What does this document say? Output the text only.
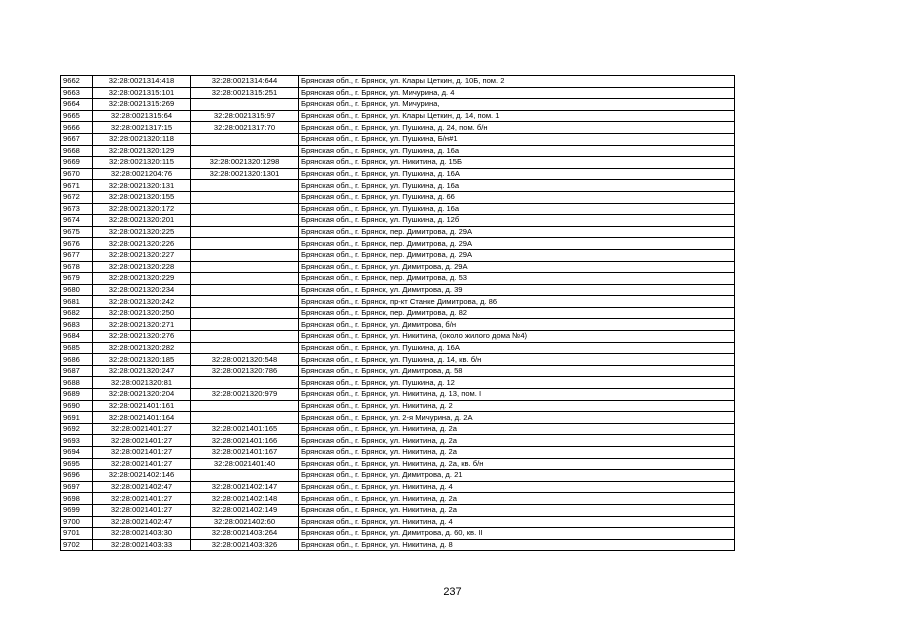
9662	32:28:0021314:418	32:28:0021314:644	Брянская обл., г. Брянск, ул. Клары Цеткин, д. 10Б, пом. 2
9663	32:28:0021315:101	32:28:0021315:251	Брянская обл., г. Брянск, ул. Мичурина, д. 4
9664	32:28:0021315:269		Брянская обл., г. Брянск, ул. Мичурина,
9665	32:28:0021315:64	32:28:0021315:97	Брянская обл., г. Брянск, ул. Клары Цеткин, д. 14, пом. 1
9666	32:28:0021317:15	32:28:0021317:70	Брянская обл., г. Брянск, ул. Пушкина, д. 24, пом. б/н
9667	32:28:0021320:118		Брянская обл., г. Брянск, ул. Пушкина, Б/н#1
9668	32:28:0021320:129		Брянская обл., г. Брянск, ул. Пушкина, д. 16а
9669	32:28:0021320:115	32:28:0021320:1298	Брянская обл., г. Брянск, ул. Никитина, д. 15Б
9670	32:28:0021204:76	32:28:0021320:1301	Брянская обл., г. Брянск, ул. Пушкина, д. 16А
9671	32:28:0021320:131		Брянская обл., г. Брянск, ул. Пушкина, д. 16а
9672	32:28:0021320:155		Брянская обл., г. Брянск, ул. Пушкина, д. 66
9673	32:28:0021320:172		Брянская обл., г. Брянск, ул. Пушкина, д. 16а
9674	32:28:0021320:201		Брянская обл., г. Брянск, ул. Пушкина, д. 12б
9675	32:28:0021320:225		Брянская обл., г. Брянск, пер. Димитрова, д. 29А
9676	32:28:0021320:226		Брянская обл., г. Брянск, пер. Димитрова, д. 29А
9677	32:28:0021320:227		Брянская обл., г. Брянск, пер. Димитрова, д. 29А
9678	32:28:0021320:228		Брянская обл., г. Брянск, ул. Димитрова, д. 29А
9679	32:28:0021320:229		Брянская обл., г. Брянск, пер. Димитрова, д. 53
9680	32:28:0021320:234		Брянская обл., г. Брянск, ул. Димитрова, д. 39
9681	32:28:0021320:242		Брянская обл., г. Брянск, пр-кт Станке Димитрова, д. 86
9682	32:28:0021320:250		Брянская обл., г. Брянск, пер. Димитрова, д. 82
9683	32:28:0021320:271		Брянская обл., г. Брянск, ул. Димитрова, б/н
9684	32:28:0021320:276		Брянская обл., г. Брянск, ул. Никитина, (около жилого дома №4)
9685	32:28:0021320:282		Брянская обл., г. Брянск, ул. Пушкина, д. 16А
9686	32:28:0021320:185	32:28:0021320:548	Брянская обл., г. Брянск, ул. Пушкина, д. 14, кв. б/н
9687	32:28:0021320:247	32:28:0021320:786	Брянская обл., г. Брянск, ул. Димитрова, д. 58
9688	32:28:0021320:81		Брянская обл., г. Брянск, ул. Пушкина, д. 12
9689	32:28:0021320:204	32:28:0021320:979	Брянская обл., г. Брянск, ул. Никитина, д. 13, пом. I
9690	32:28:0021401:161		Брянская обл., г. Брянск, ул. Никитина, д. 2
9691	32:28:0021401:164		Брянская обл., г. Брянск, ул. 2-я Мичурина, д. 2А
9692	32:28:0021401:27	32:28:0021401:165	Брянская обл., г. Брянск, ул. Никитина, д. 2а
9693	32:28:0021401:27	32:28:0021401:166	Брянская обл., г. Брянск, ул. Никитина, д. 2а
9694	32:28:0021401:27	32:28:0021401:167	Брянская обл., г. Брянск, ул. Никитина, д. 2а
9695	32:28:0021401:27	32:28:0021401:40	Брянская обл., г. Брянск, ул. Никитина, д. 2а, кв. б/н
9696	32:28:0021402:146		Брянская обл., г. Брянск, ул. Димитрова, д. 21
9697	32:28:0021402:47	32:28:0021402:147	Брянская обл., г. Брянск, ул. Никитина, д. 4
9698	32:28:0021401:27	32:28:0021402:148	Брянская обл., г. Брянск, ул. Никитина, д. 2а
9699	32:28:0021401:27	32:28:0021402:149	Брянская обл., г. Брянск, ул. Никитина, д. 2а
9700	32:28:0021402:47	32:28:0021402:60	Брянская обл., г. Брянск, ул. Никитина, д. 4
9701	32:28:0021403:30	32:28:0021403:264	Брянская обл., г. Брянск, ул. Димитрова, д. 60, кв. II
9702	32:28:0021403:33	32:28:0021403:326	Брянская обл., г. Брянск, ул. Никитина, д. 8
237
